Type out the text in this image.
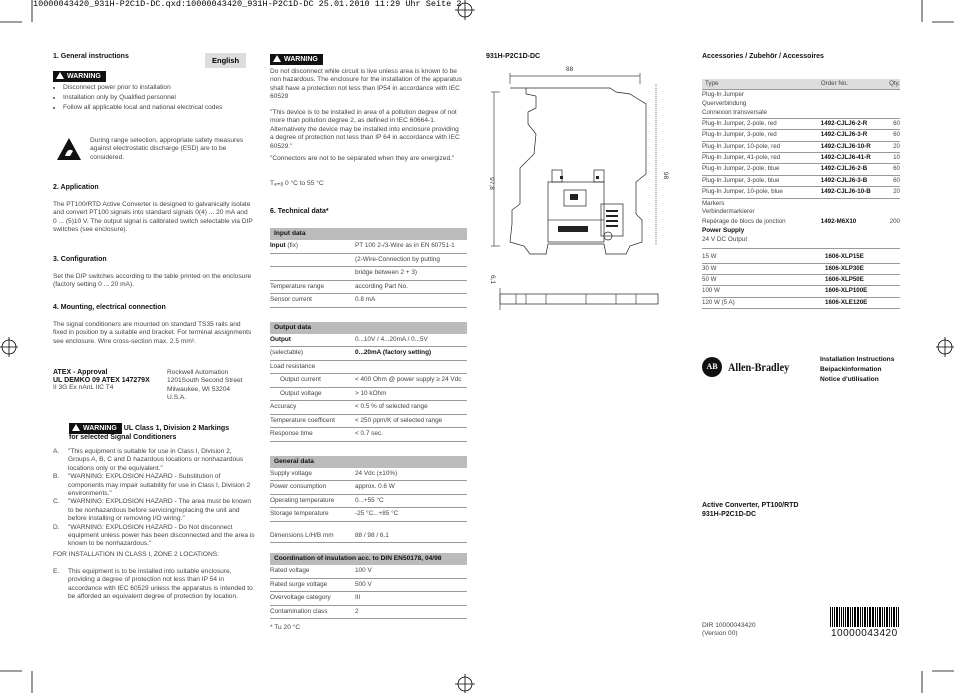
10000043420_931H-P2C1D-DC.qxd:10000043420_931H-P2C1D-DC 25.01.2010 11:29 Uhr Seite 2
1. General instructions	English
WARNING
• Disconnect power prior to installation
• Installation only by Qualified personnel
• Follow all applicable local and national electrical codes
During range selection, appropriate safety measures against electrostatic discharge (ESD) are to be considered.
2. Application
The PT100/RTD Active Converter is designed to galvanically isolate and convert PT100 signals into standard signals 0(4) ... 20 mA and 0 ... (5)10 V. The output signal is calibrated switch selectable via DIP switches (see enclosure).
3. Configuration
Set the DIP switches according to the table printed on the enclosure (factory setting 0 ... 20 mA).
4. Mounting, electrical connection
The signal conditioners are mounted on standard TS35 rails and fixed in position by a suitable end bracket. For terminal assignments see enclosure. Wire cross-section max. 2.5 mm².
ATEX - Approval
UL DEMKO 09 ATEX 147279X
II 3G Ex nAnL IIC T4
Rockwell Automation
1201South Second Street
Milwaukee, WI 53204
U.S.A.
WARNING UL Class 1, Division 2 Markings
for selected Signal Conditioners
A.	"This equipment is suitable for use in Class I, Division 2, Groups A, B, C and D hazardous locations or nonhazardous locations only or the equivalent."
B.	"WARNING: EXPLOSION HAZARD - Substitution of components may impair suitability for use in Class I, Division 2 environments."
C.	"WARNING: EXPLOSION HAZARD - The area must be known to be nonhazardous before servicing/replacing the unit and before installing or removing I/O wiring."
D.	"WARNING: EXPLOSION HAZARD - Do Not disconnect equipment unless power has been disconnected and the area is known to be nonhazardous."
FOR INSTALLATION IN CLASS I, ZONE 2 LOCATIONS:
E.	This equipment is to be installed into suitable enclosure, providing a degree of protection not less than IP 54 in accordance with IEC 60529 unless the apparatus is intended to be afforded an equivalent degree of protection by location.
WARNING
Do not disconnect while circuit is live unless area is known to be non hazardous. The enclosure for the installation of the apparatus shall have a protection not less than IP54 in accordance with IEC 60529
"This device is to be installed in area of a pollution degree of not more than pollution degree 2, as defined in IEC 60664-1. Alternatively the device may be installed into enclosure providing a degree of protection not less than IP 64 in accordance with IEC 60529."
"Connectors are not to be separated when they are energized."
Tₐₘᵦ 0 °C to 55 °C
6. Technical data*
Input data
Input (fix)	PT 100 2-/3-Wire as in EN 60751-1
(2-Wire-Connection by putting
bridge between 2 + 3)
Temperature range	according Part No.
Sensor current	0.8 mA
Output data
Output	0...10V / 4...20mA / 0...5V
(selectable)	0...20mA (factory setting)
Load resistance
Output current	< 400 Ohm @ power supply ≥ 24 Vdc
Output voltage	> 10 kOhm
Accuracy	< 0.5 % of selected range
Temperature coefficent	< 250 ppm/K of selected range
Response time	< 0.7 sec.
General data
Supply voltage	24 Vdc (±10%)
Power consumption	approx. 0.6 W
Operating temperature	0...+55 °C
Storage temperature	-25 °C...+85 °C
Dimensions L/H/B mm	88 / 98 / 6.1
Coordination of insulation acc. to DIN EN50178, 04/98
Rated voltage	100 V
Rated surge voltage	500 V
Overvoltage category	III
Contamination class	2
* Tu 20 °C
931H-P2C1D-DC
88
97,8
98
6,1
Accessories / Zubehör / Accessoires
Type	Order No.	Qty.
Plug-In Jumper
Querverbindung
Connexion transversale
Plug-In Jumper, 2-pole, red	1492-CJLJ6-2-R	60
Plug-In Jumper, 3-pole, red	1492-CJLJ6-3-R	60
Plug-In Jumper, 10-pole, red	1492-CJLJ6-10-R	20
Plug-In Jumper, 41-pole, red	1492-CJLJ6-41-R	10
Plug-In Jumper, 2-pole, blue	1492-CJLJ6-2-B	60
Plug-In Jumper, 3-pole, blue	1492-CJLJ6-3-B	60
Plug-In Jumper, 10-pole, blue	1492-CJLJ6-10-B	20
Markers
Verbindermarkierer
Repérage de blocs de jonction	1492-M6X10	200
Power Supply
24 V DC Output
15 W	1606-XLP15E
30 W	1606-XLP30E
50 W	1606-XLP50E
100 W	1606-XLP100E
120 W (5 A)	1606-XLE120E
AB Allen-Bradley
Installation Instructions
Beipackinformation
Notice d'utilisation
Active Converter, PT100/RTD
931H-P2C1D-DC
DIR 10000043420
(Version 00)	10000043420
